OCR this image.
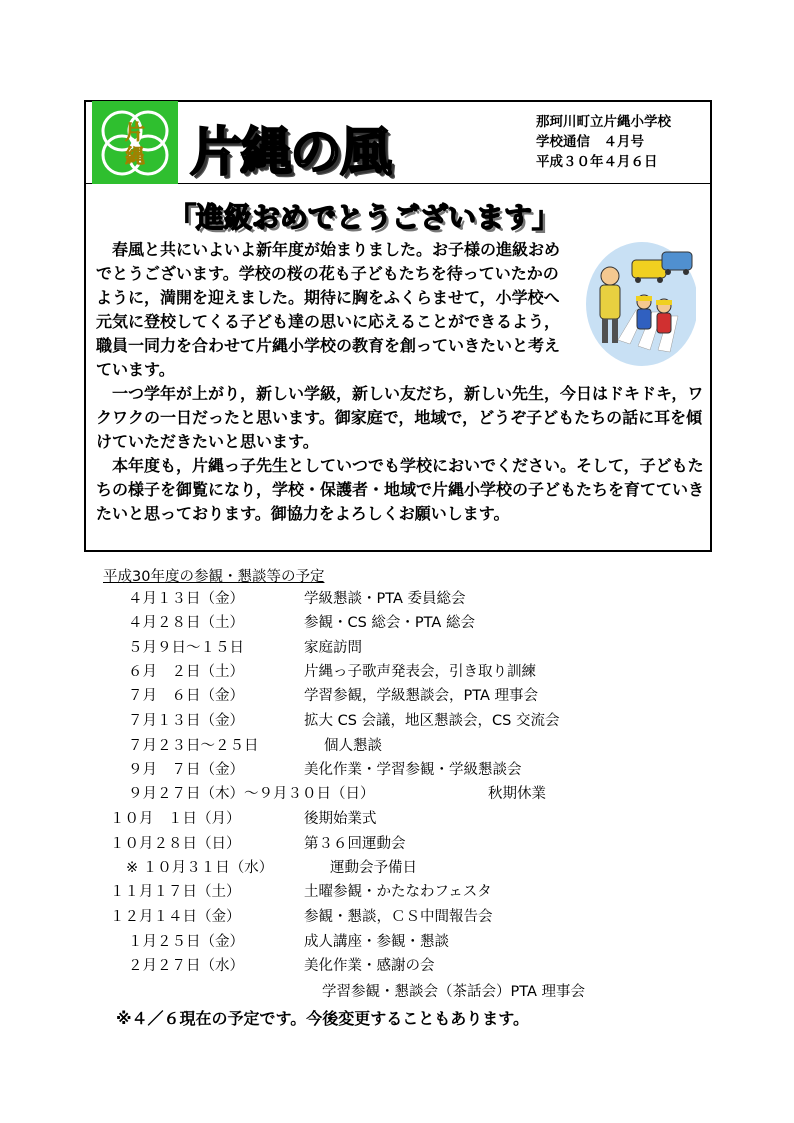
片
縄 片縄の風
那珂川町立片縄小学校
学校通信　４月号
平成３０年４月６日
「進級おめでとうございます」

　春風と共にいよいよ新年度が始まりました。お子様の進級おめでとうございます。学校の桜の花も子どもたちを待っていたかのように，満開を迎えました。期待に胸をふくらませて，小学校へ元気に登校してくる子ども達の思いに応えることができるよう，職員一同力を合わせて片縄小学校の教育を創っていきたいと考えています。

　一つ学年が上がり，新しい学級，新しい友だち，新しい先生，今日はドキドキ，ワクワクの一日だったと思います。御家庭で，地域で，どうぞ子どもたちの話に耳を傾けていただきたいと思います。

　本年度も，片縄っ子先生としていつでも学校においでください。そして，子どもたちの様子を御覧になり，学校・保護者・地域で片縄小学校の子どもたちを育てていきたいと思っております。御協力をよろしくお願いします。

平成30年度の参観・懇談等の予定

４月１３日（金）	学級懇談・PTA 委員総会
４月２８日（土）	参観・CS 総会・PTA 総会
５月９日～１５日	家庭訪問
６月　２日（土）	片縄っ子歌声発表会，引き取り訓練
７月　６日（金）	学習参観，学級懇談会，PTA 理事会
７月１３日（金）	拡大 CS 会議，地区懇談会，CS 交流会
７月２３日～２５日	個人懇談
９月　７日（金）	美化作業・学習参観・学級懇談会
９月２７日（木）～９月３０日（日）	秋期休業
１０月　１日（月）	後期始業式
１０月２８日（日）	第３６回運動会
※ １０月３１日（水）	運動会予備日
１１月１７日（土）	土曜参観・かたなわフェスタ
１２月１４日（金）	参観・懇談，ＣＳ中間報告会
１月２５日（金）	成人講座・参観・懇談
２月２７日（水）	美化作業・感謝の会
学習参観・懇談会（茶話会）PTA 理事会
※４／６現在の予定です。今後変更することもあります。
